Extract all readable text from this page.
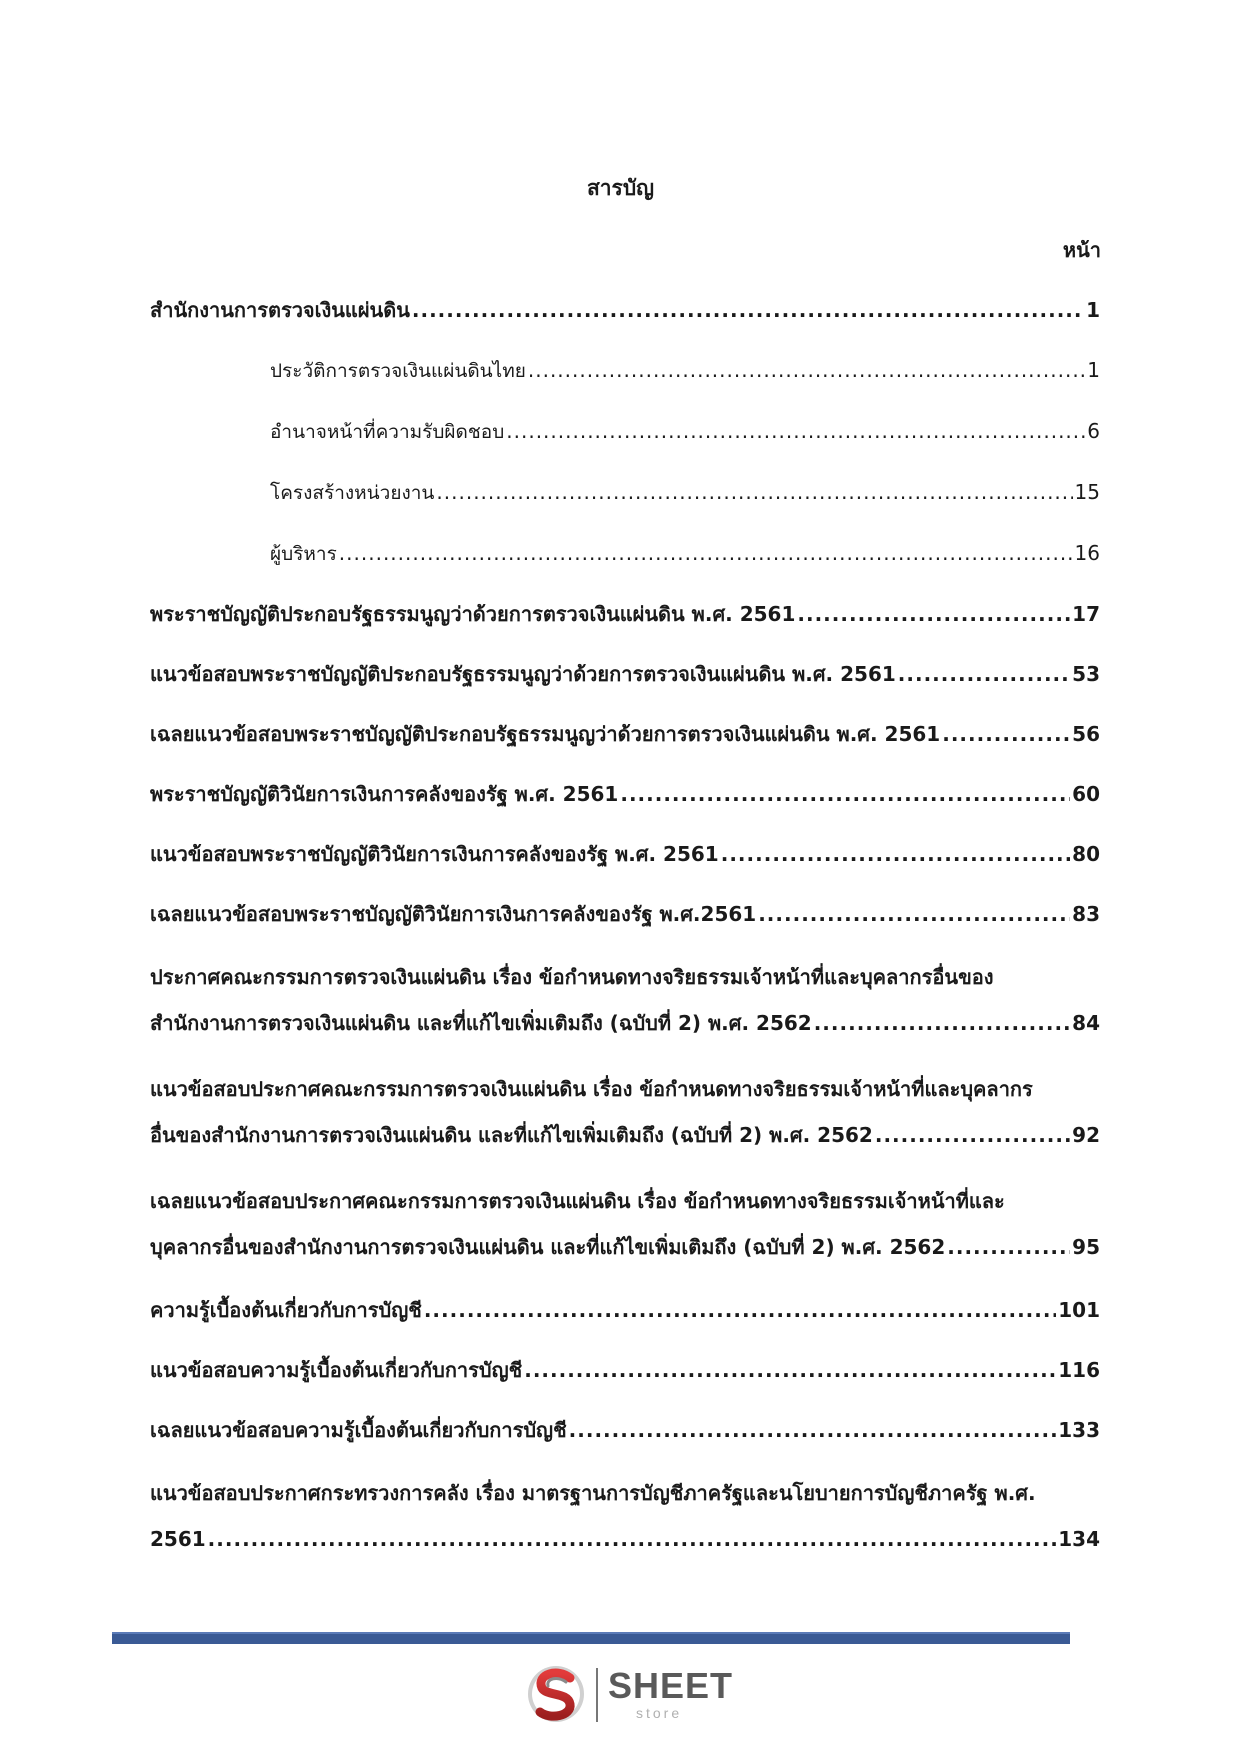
สารบัญ
หน้า
สำนักงานการตรวจเงินแผ่นดิน .....	1
ประวัติการตรวจเงินแผ่นดินไทย .....	1
อำนาจหน้าที่ความรับผิดชอบ .....	6
โครงสร้างหน่วยงาน .....	15
ผู้บริหาร .....	16
พระราชบัญญัติประกอบรัฐธรรมนูญว่าด้วยการตรวจเงินแผ่นดิน พ.ศ. 2561 .....	17
แนวข้อสอบพระราชบัญญัติประกอบรัฐธรรมนูญว่าด้วยการตรวจเงินแผ่นดิน พ.ศ. 2561 .....	53
เฉลยแนวข้อสอบพระราชบัญญัติประกอบรัฐธรรมนูญว่าด้วยการตรวจเงินแผ่นดิน พ.ศ. 2561 .....	56
พระราชบัญญัติวินัยการเงินการคลังของรัฐ พ.ศ. 2561 .....	60
แนวข้อสอบพระราชบัญญัติวินัยการเงินการคลังของรัฐ พ.ศ. 2561 .....	80
เฉลยแนวข้อสอบพระราชบัญญัติวินัยการเงินการคลังของรัฐ พ.ศ.2561 .....	83
ประกาศคณะกรรมการตรวจเงินแผ่นดิน เรื่อง ข้อกำหนดทางจริยธรรมเจ้าหน้าที่และบุคลากรอื่นของ
สำนักงานการตรวจเงินแผ่นดิน และที่แก้ไขเพิ่มเติมถึง (ฉบับที่ 2) พ.ศ. 2562 .....	84
แนวข้อสอบประกาศคณะกรรมการตรวจเงินแผ่นดิน เรื่อง ข้อกำหนดทางจริยธรรมเจ้าหน้าที่และบุคลากร
อื่นของสำนักงานการตรวจเงินแผ่นดิน และที่แก้ไขเพิ่มเติมถึง (ฉบับที่ 2) พ.ศ. 2562 .....	92
เฉลยแนวข้อสอบประกาศคณะกรรมการตรวจเงินแผ่นดิน เรื่อง ข้อกำหนดทางจริยธรรมเจ้าหน้าที่และ
บุคลากรอื่นของสำนักงานการตรวจเงินแผ่นดิน และที่แก้ไขเพิ่มเติมถึง (ฉบับที่ 2) พ.ศ. 2562 .....	95
ความรู้เบื้องต้นเกี่ยวกับการบัญชี .....	101
แนวข้อสอบความรู้เบื้องต้นเกี่ยวกับการบัญชี .....	116
เฉลยแนวข้อสอบความรู้เบื้องต้นเกี่ยวกับการบัญชี .....	133
แนวข้อสอบประกาศกระทรวงการคลัง เรื่อง มาตรฐานการบัญชีภาครัฐและนโยบายการบัญชีภาครัฐ พ.ศ.
2561 .....	134
SHEET
store
